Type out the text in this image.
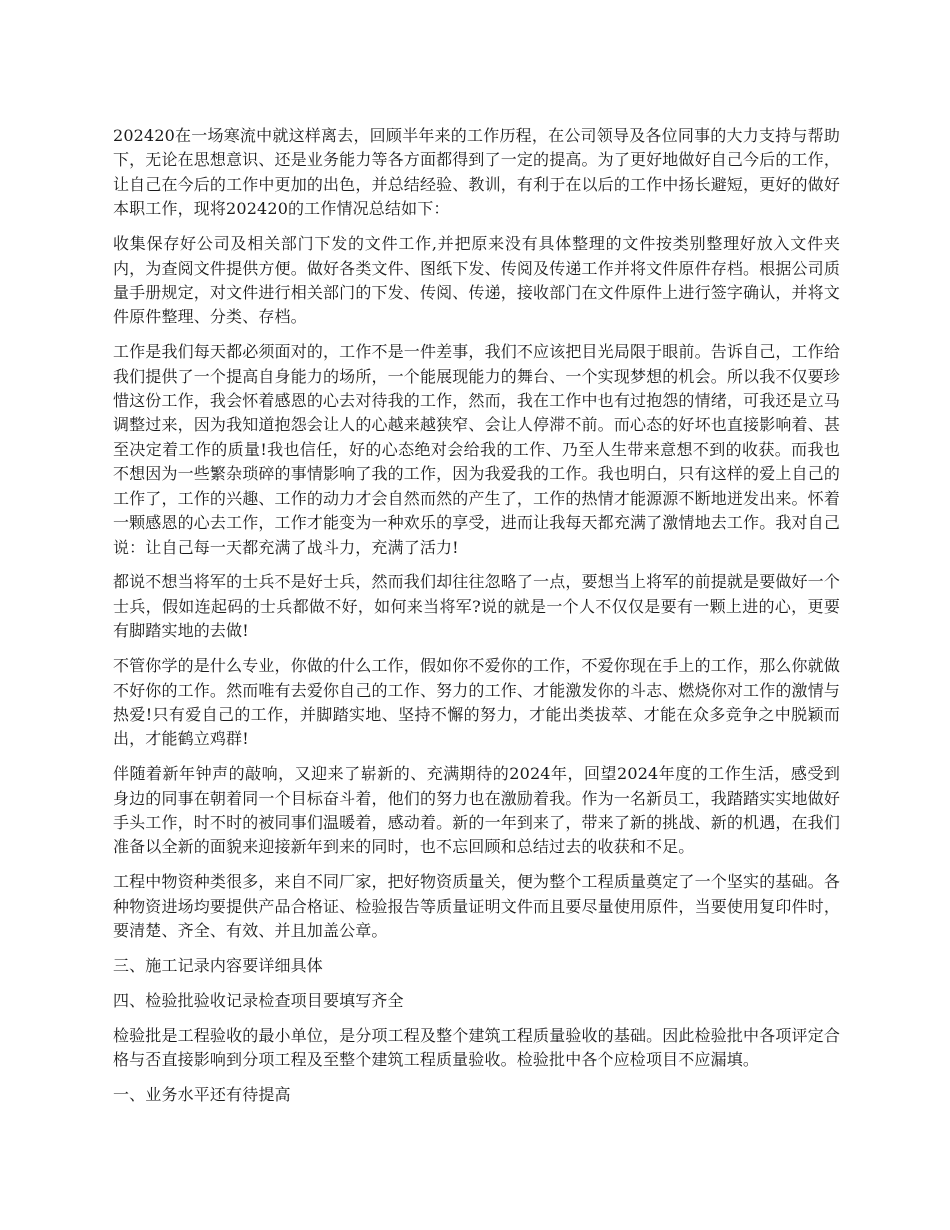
202420在一场寒流中就这样离去，回顾半年来的工作历程，在公司领导及各位同事的大力支持与帮助下，无论在思想意识、还是业务能力等各方面都得到了一定的提高。为了更好地做好自己今后的工作，让自己在今后的工作中更加的出色，并总结经验、教训，有利于在以后的工作中扬长避短，更好的做好本职工作，现将202420的工作情况总结如下：

收集保存好公司及相关部门下发的文件工作,并把原来没有具体整理的文件按类别整理好放入文件夹内，为查阅文件提供方便。做好各类文件、图纸下发、传阅及传递工作并将文件原件存档。根据公司质量手册规定，对文件进行相关部门的下发、传阅、传递，接收部门在文件原件上进行签字确认，并将文件原件整理、分类、存档。

工作是我们每天都必须面对的，工作不是一件差事，我们不应该把目光局限于眼前。告诉自己，工作给我们提供了一个提高自身能力的场所，一个能展现能力的舞台、一个实现梦想的机会。所以我不仅要珍惜这份工作，我会怀着感恩的心去对待我的工作，然而，我在工作中也有过抱怨的情绪，可我还是立马调整过来，因为我知道抱怨会让人的心越来越狭窄、会让人停滞不前。而心态的好坏也直接影响着、甚至决定着工作的质量!我也信任，好的心态绝对会给我的工作、乃至人生带来意想不到的收获。而我也不想因为一些繁杂琐碎的事情影响了我的工作，因为我爱我的工作。我也明白，只有这样的爱上自己的工作了，工作的兴趣、工作的动力才会自然而然的产生了，工作的热情才能源源不断地迸发出来。怀着一颗感恩的心去工作，工作才能变为一种欢乐的享受，进而让我每天都充满了激情地去工作。我对自己说：让自己每一天都充满了战斗力，充满了活力!

都说不想当将军的士兵不是好士兵，然而我们却往往忽略了一点，要想当上将军的前提就是要做好一个士兵，假如连起码的士兵都做不好，如何来当将军?说的就是一个人不仅仅是要有一颗上进的心，更要有脚踏实地的去做!

不管你学的是什么专业，你做的什么工作，假如你不爱你的工作，不爱你现在手上的工作，那么你就做不好你的工作。然而唯有去爱你自己的工作、努力的工作、才能激发你的斗志、燃烧你对工作的激情与热爱!只有爱自己的工作，并脚踏实地、坚持不懈的努力，才能出类拔萃、才能在众多竞争之中脱颖而出，才能鹤立鸡群!

伴随着新年钟声的敲响，又迎来了崭新的、充满期待的2024年，回望2024年度的工作生活，感受到身边的同事在朝着同一个目标奋斗着，他们的努力也在激励着我。作为一名新员工，我踏踏实实地做好手头工作，时不时的被同事们温暖着，感动着。新的一年到来了，带来了新的挑战、新的机遇，在我们准备以全新的面貌来迎接新年到来的同时，也不忘回顾和总结过去的收获和不足。

工程中物资种类很多，来自不同厂家，把好物资质量关，便为整个工程质量奠定了一个坚实的基础。各种物资进场均要提供产品合格证、检验报告等质量证明文件而且要尽量使用原件，当要使用复印件时，要清楚、齐全、有效、并且加盖公章。

三、施工记录内容要详细具体

四、检验批验收记录检查项目要填写齐全

检验批是工程验收的最小单位，是分项工程及整个建筑工程质量验收的基础。因此检验批中各项评定合格与否直接影响到分项工程及至整个建筑工程质量验收。检验批中各个应检项目不应漏填。

一、业务水平还有待提高
